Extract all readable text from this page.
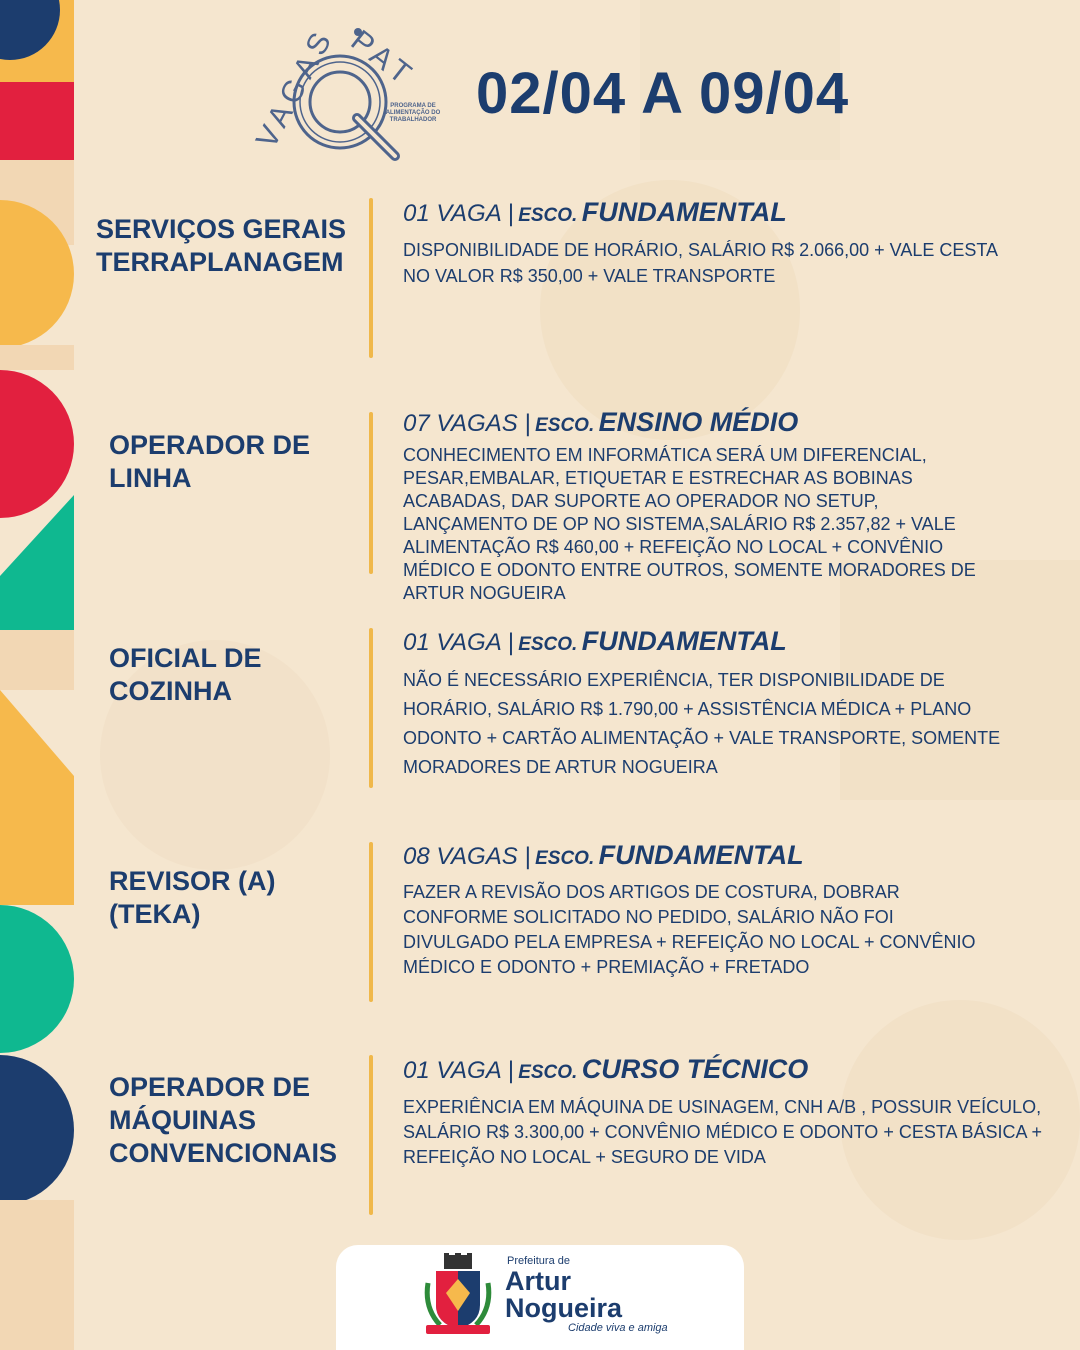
VAGAS PAT
PROGRAMA DE
ALIMENTAÇÃO DO
TRABALHADOR 02/04 A 09/04
SERVIÇOS GERAIS
TERRAPLANAGEM
01 VAGA | ESCO. FUNDAMENTAL
DISPONIBILIDADE DE HORÁRIO, SALÁRIO R$ 2.066,00 + VALE CESTA NO VALOR R$ 350,00 + VALE TRANSPORTE
OPERADOR DE
LINHA
07 VAGAS | ESCO. ENSINO MÉDIO
CONHECIMENTO EM INFORMÁTICA SERÁ UM DIFERENCIAL, PESAR,EMBALAR, ETIQUETAR E ESTRECHAR AS BOBINAS ACABADAS, DAR SUPORTE AO OPERADOR NO SETUP, LANÇAMENTO DE OP NO SISTEMA,SALÁRIO R$ 2.357,82 + VALE ALIMENTAÇÃO R$ 460,00 + REFEIÇÃO NO LOCAL + CONVÊNIO MÉDICO E ODONTO ENTRE OUTROS, SOMENTE MORADORES DE ARTUR NOGUEIRA
OFICIAL DE
COZINHA
01 VAGA | ESCO. FUNDAMENTAL
NÃO É NECESSÁRIO EXPERIÊNCIA, TER DISPONIBILIDADE DE HORÁRIO, SALÁRIO R$ 1.790,00 + ASSISTÊNCIA MÉDICA + PLANO ODONTO + CARTÃO ALIMENTAÇÃO + VALE TRANSPORTE, SOMENTE MORADORES DE ARTUR NOGUEIRA
REVISOR (A)
(TEKA)
08 VAGAS | ESCO. FUNDAMENTAL
FAZER A REVISÃO DOS ARTIGOS DE COSTURA, DOBRAR CONFORME SOLICITADO NO PEDIDO, SALÁRIO NÃO FOI DIVULGADO PELA EMPRESA + REFEIÇÃO NO LOCAL + CONVÊNIO MÉDICO E ODONTO + PREMIAÇÃO + FRETADO
OPERADOR DE
MÁQUINAS
CONVENCIONAIS
01 VAGA | ESCO. CURSO TÉCNICO
EXPERIÊNCIA EM MÁQUINA DE USINAGEM, CNH A/B , POSSUIR VEÍCULO, SALÁRIO R$ 3.300,00 + CONVÊNIO MÉDICO E ODONTO + CESTA BÁSICA + REFEIÇÃO NO LOCAL + SEGURO DE VIDA
Prefeitura de
Artur
Nogueira
Cidade viva e amiga
